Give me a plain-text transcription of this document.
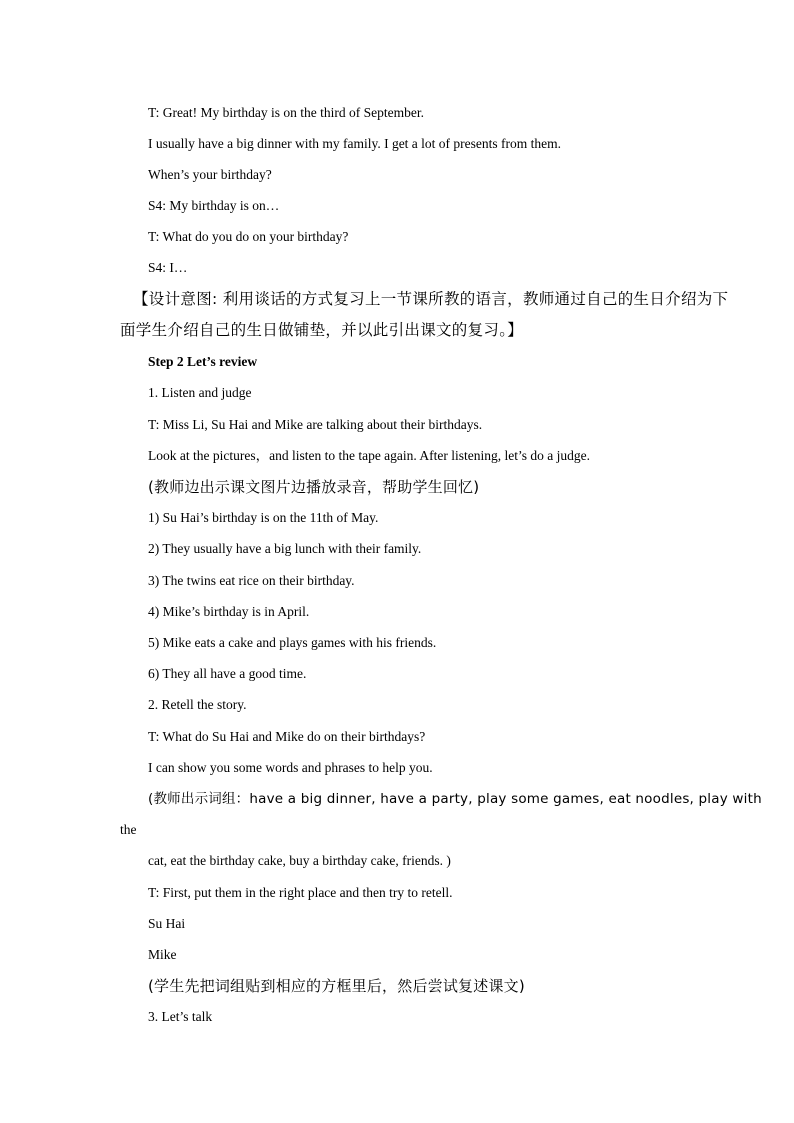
T: Great! My birthday is on the third of September.
I usually have a big dinner with my family. I get a lot of presents from them.
When’s your birthday?
S4: My birthday is on…
T: What do you do on your birthday?
S4: I…
【设计意图: 利用谈话的方式复习上一节课所教的语言，教师通过自己的生日介绍为下
面学生介绍自己的生日做铺垫，并以此引出课文的复习。】
Step 2 Let’s review
1. Listen and judge
T: Miss Li, Su Hai and Mike are talking about their birthdays.
Look at the pictures，and listen to the tape again. After listening, let’s do a judge.
(教师边出示课文图片边播放录音，帮助学生回忆)
1) Su Hai’s birthday is on the 11th of May.
2) They usually have a big lunch with their family.
3) The twins eat rice on their birthday.
4) Mike’s birthday is in April.
5) Mike eats a cake and plays games with his friends.
6) They all have a good time.
2. Retell the story.
T: What do Su Hai and Mike do on their birthdays?
I can show you some words and phrases to help you.
(教师出示词组：have a big dinner, have a party, play some games, eat noodles, play with
the
cat, eat the birthday cake, buy a birthday cake, friends. )
T: First, put them in the right place and then try to retell.
Su Hai
Mike
(学生先把词组贴到相应的方框里后，然后尝试复述课文)
3. Let’s talk
